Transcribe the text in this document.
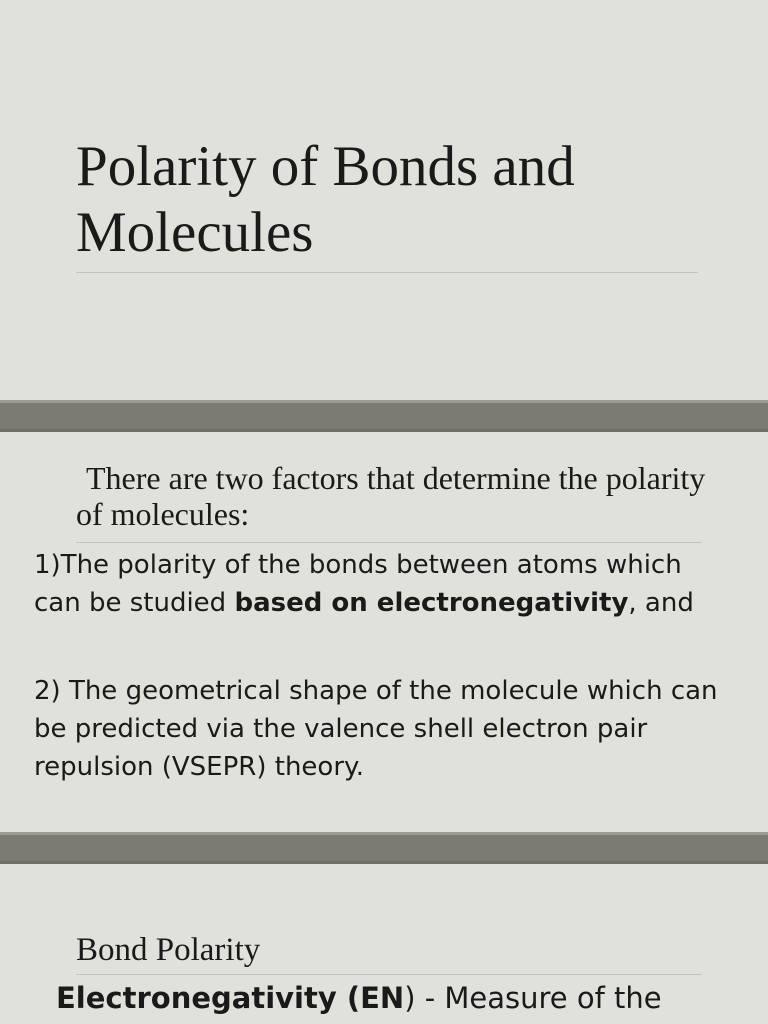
Polarity of Bonds and Molecules
There are two factors that determine the polarity of molecules:

1)The polarity of the bonds between atoms which can be studied based on electronegativity, and

2) The geometrical shape of the molecule which can be predicted via the valence shell electron pair repulsion (VSEPR) theory.

Bond Polarity

Electronegativity (EN) - Measure of the
